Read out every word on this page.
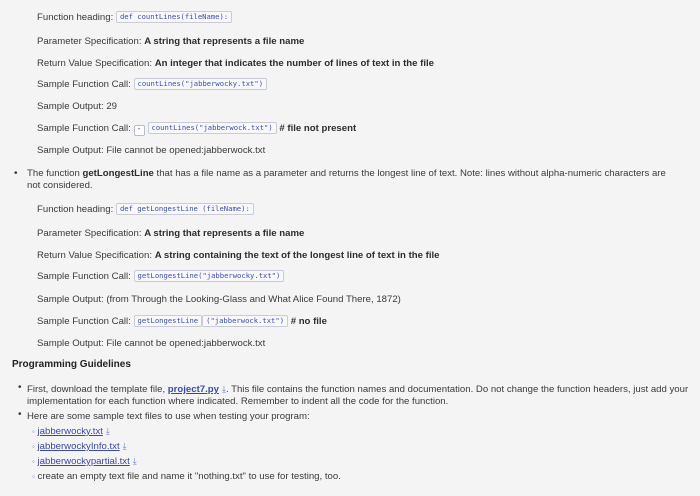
Function heading: def countLines(fileName):
Parameter Specification: A string that represents a file name
Return Value Specification: An integer that indicates the number of lines of text in the file
Sample Function Call: countLines("jabberwocky.txt")
Sample Output: 29
Sample Function Call: • countLines("jabberwock.txt") # file not present
Sample Output: File cannot be opened:jabberwock.txt
• The function getLongestLine that has a file name as a parameter and returns the longest line of text. Note: lines without alpha-numeric characters are not considered.
Function heading: def getLongestLine (fileName):
Parameter Specification: A string that represents a file name
Return Value Specification: A string containing the text of the longest line of text in the file
Sample Function Call: getLongestLine("jabberwocky.txt")
Sample Output: (from Through the Looking-Glass and What Alice Found There, 1872)
Sample Function Call: getLongestLine ("jabberwock.txt") # no file
Sample Output: File cannot be opened:jabberwock.txt
Programming Guidelines
• First, download the template file, project7.py ⤓. This file contains the function names and documentation. Do not change the function headers, just add your implementation for each function where indicated. Remember to indent all the code for the function.
• Here are some sample text files to use when testing your program:
◦ jabberwocky.txt ⤓
◦ jabberwockyInfo.txt ⤓
◦ jabberwockypartial.txt ⤓
◦ create an empty text file and name it "nothing.txt" to use for testing, too.
